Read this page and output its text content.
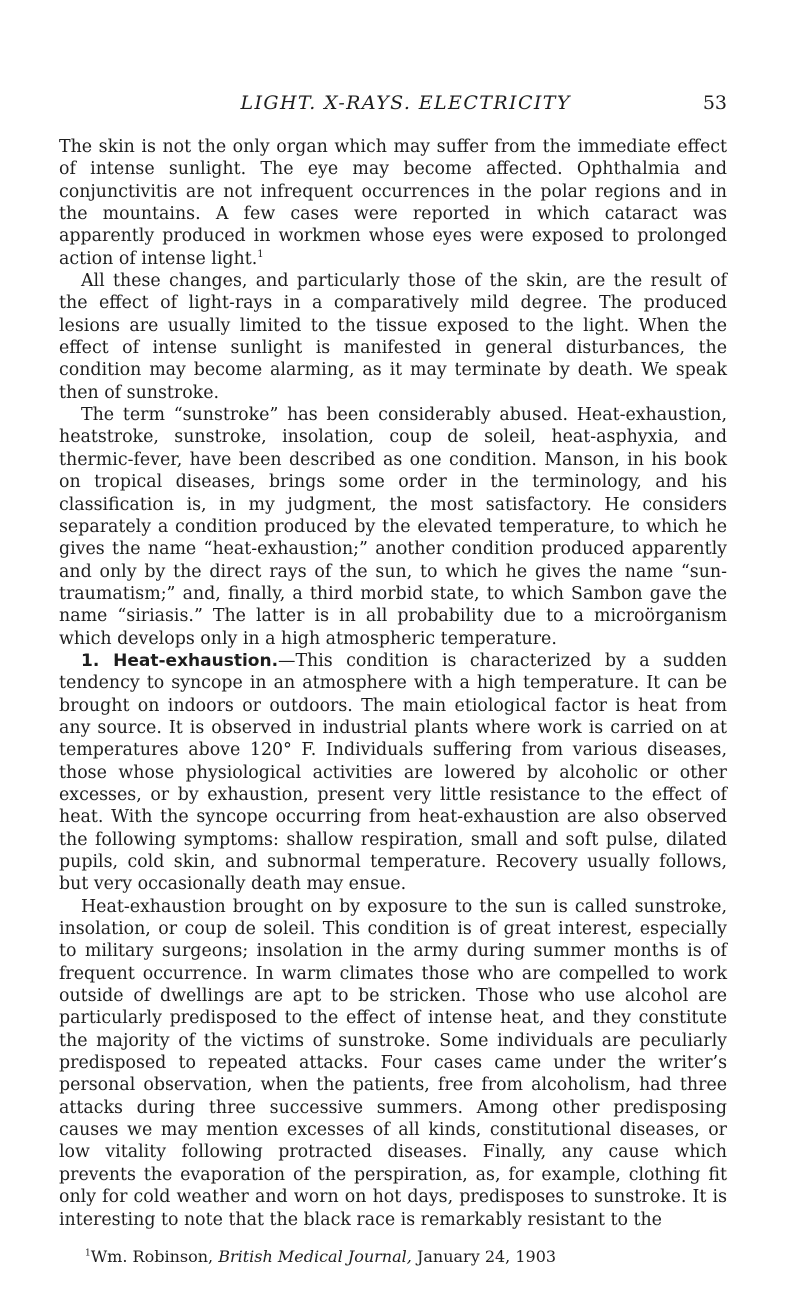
LIGHT. X-RAYS. ELECTRICITY	53

The skin is not the only organ which may suffer from the immediate effect of intense sunlight. The eye may become affected. Ophthalmia and conjunctivitis are not infrequent occurrences in the polar regions and in the mountains. A few cases were reported in which cataract was apparently produced in workmen whose eyes were exposed to prolonged action of intense light.$^1$

All these changes, and particularly those of the skin, are the result of the effect of light-rays in a comparatively mild degree. The produced lesions are usually limited to the tissue exposed to the light. When the effect of intense sunlight is manifested in general disturbances, the condition may become alarming, as it may terminate by death. We speak then of sunstroke.

The term “sunstroke” has been considerably abused. Heat-exhaustion, heatstroke, sunstroke, insolation, coup de soleil, heat-asphyxia, and thermic-fever, have been described as one condition. Manson, in his book on tropical diseases, brings some order in the terminology, and his classification is, in my judgment, the most satisfactory. He considers separately a condition produced by the elevated temperature, to which he gives the name “heat-exhaustion;” another condition produced apparently and only by the direct rays of the sun, to which he gives the name “sun-traumatism;” and, finally, a third morbid state, to which Sambon gave the name “siriasis.” The latter is in all probability due to a microörganism which develops only in a high atmospheric temperature.

1. Heat-exhaustion.—This condition is characterized by a sudden tendency to syncope in an atmosphere with a high temperature. It can be brought on indoors or outdoors. The main etiological factor is heat from any source. It is observed in industrial plants where work is carried on at temperatures above 120° F. Individuals suffering from various diseases, those whose physiological activities are lowered by alcoholic or other excesses, or by exhaustion, present very little resistance to the effect of heat. With the syncope occurring from heat-exhaustion are also observed the following symptoms: shallow respiration, small and soft pulse, dilated pupils, cold skin, and subnormal temperature. Recovery usually follows, but very occasionally death may ensue.

Heat-exhaustion brought on by exposure to the sun is called sunstroke, insolation, or coup de soleil. This condition is of great interest, especially to military surgeons; insolation in the army during summer months is of frequent occurrence. In warm climates those who are compelled to work outside of dwellings are apt to be stricken. Those who use alcohol are particularly predisposed to the effect of intense heat, and they constitute the majority of the victims of sunstroke. Some individuals are peculiarly predisposed to repeated attacks. Four cases came under the writer’s personal observation, when the patients, free from alcoholism, had three attacks during three successive summers. Among other predisposing causes we may mention excesses of all kinds, constitutional diseases, or low vitality following protracted diseases. Finally, any cause which prevents the evaporation of the perspiration, as, for example, clothing fit only for cold weather and worn on hot days, predisposes to sunstroke. It is interesting to note that the black race is remarkably resistant to the

$^1$Wm. Robinson, British Medical Journal, January 24, 1903
